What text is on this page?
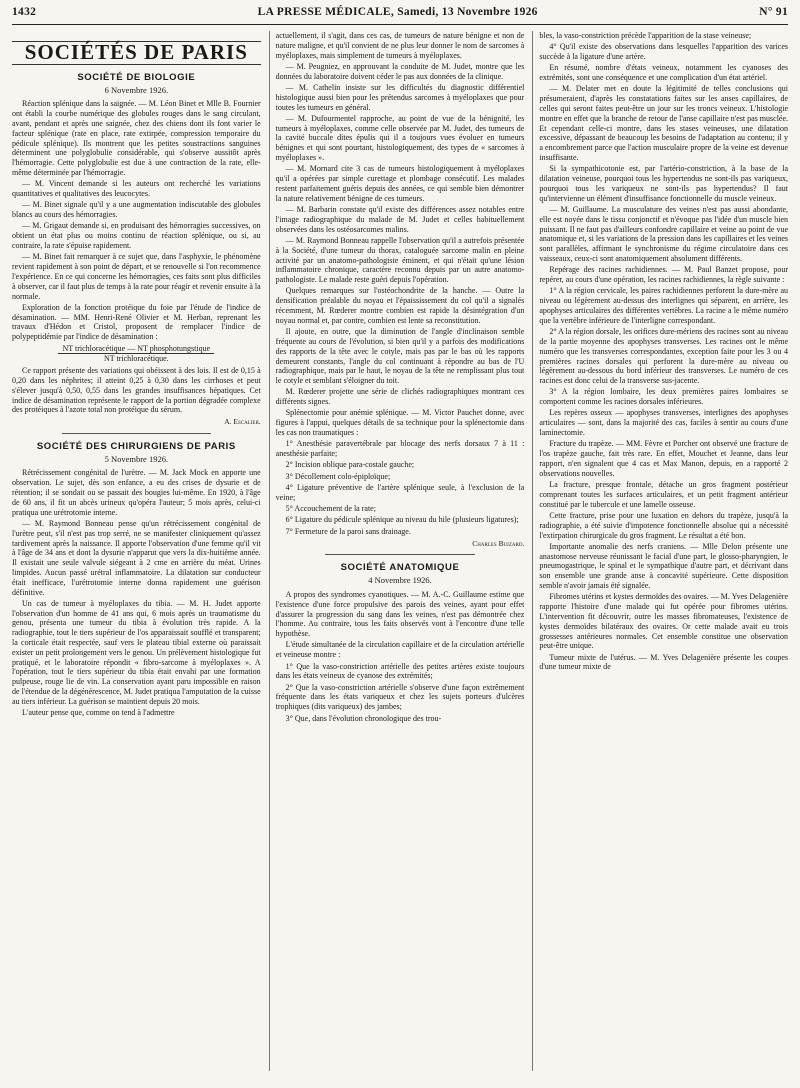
1432	LA PRESSE MÉDICALE, Samedi, 13 Novembre 1926	N° 91
SOCIÉTÉS DE PARIS
SOCIÉTÉ DE BIOLOGIE
6 Novembre 1926.

Réaction splénique dans la saignée. — M. Léon Binet et Mlle B. Fournier ont établi la courbe numérique des globules rouges dans le sang circulant, avant, pendant et après une saignée, chez des chiens dont ils font varier le facteur splénique (rate en place, rate extirpée, compression temporaire du pédicule splénique). Ils montrent que les petites soustractions sanguines déterminent une polyglobulie considérable, qui s'observe aussitôt après l'hémorragie. Cette polyglobulie est due à une contraction de la rate, elle-même déterminée par l'hémorragie.

— M. Vincent demande si les auteurs ont recherché les variations quantitatives et qualitatives des leucocytes.

— M. Binet signale qu'il y a une augmentation indiscutable des globules blancs au cours des hémorragies.

— M. Grigaut demande si, en produisant des hémorragies successives, on obtient un état plus ou moins continu de réaction splénique, ou si, au contraire, la rate s'épuise rapidement.

— M. Binet fait remarquer à ce sujet que, dans l'asphyxie, le phénomène revient rapidement à son point de départ, et se renouvelle si l'on recommence l'expérience. En ce qui concerne les hémorragies, ces faits sont plus difficiles à observer, car il faut plus de temps à la rate pour réagir et revenir ensuite à la normale.

Exploration de la fonction protéique du foie par l'étude de l'indice de désamination. — MM. Henri-René Olivier et M. Herban, reprenant les travaux d'Hédon et Cristol, proposent de remplacer l'indice de polypeptidémie par l'indice de désamination :

NT trichloracétique — NT phosphotungstique
NT trichloracétique.

Ce rapport présente des variations qui obéissent à des lois. Il est de 0,15 à 0,20 dans les néphrites; il atteint 0,25 à 0,30 dans les cirrhoses et peut s'élever jusqu'à 0,50, 0,55 dans les grandes insuffisances hépatiques. Cet indice de désamination représente le rapport de la portion dégradée complexe des protéiques à l'azote total non protéique du sérum.

A. Escalier.
SOCIÉTÉ DES CHIRURGIENS DE PARIS
5 Novembre 1926.

Rétrécissement congénital de l'urètre. — M. Jack Mock en apporte une observation. Le sujet, dès son enfance, a eu des crises de dysurie et de rétention; il se sondait ou se passait des bougies lui-même. En 1920, à l'âge de 60 ans, il fit un abcès urineux qu'opéra l'auteur; 5 mois après, celui-ci pratiqua une urétrotomie interne.

— M. Raymond Bonneau pense qu'un rétrécissement congénital de l'urètre peut, s'il n'est pas trop serré, ne se manifester cliniquement qu'assez tardivement après la naissance. Il apporte l'observation d'une femme qu'il vit à l'âge de 34 ans et dont la dysurie n'apparut que vers la dix-huitième année. Il existait une seule valvule siégeant à 2 cme en arrière du méat. Urines limpides. Aucun passé urétral inflammatoire. La dilatation sur conducteur était inefficace, l'urétrotomie interne donna rapidement une guérison définitive.

Un cas de tumeur à myéloplaxes du tibia. — M. H. Judet apporte l'observation d'un homme de 41 ans qui, 6 mois après un traumatisme du genou, présenta une tumeur du tibia à évolution très rapide. A la radiographie, tout le tiers supérieur de l'os apparaissait soufflé et transparent; la corticale était respectée, sauf vers le plateau tibial externe où paraissait exister un petit prolongement vers le genou. Un prélèvement histologique fut pratiqué, et le laboratoire répondit « fibro-sarcome à myéloplaxes ». A l'opération, tout le tiers supérieur du tibia était envahi par une formation pulpeuse, rouge lie de vin. La conservation ayant paru impossible en raison de l'étendue de la dégénérescence, M. Judet pratiqua l'amputation de la cuisse au tiers inférieur. La guérison se maintient depuis 20 mois.

L'auteur pense que, comme on tend à l'admettre

actuellement, il s'agit, dans ces cas, de tumeurs de nature bénigne et non de nature maligne, et qu'il convient de ne plus leur donner le nom de sarcomes à myéloplaxes, mais simplement de tumeurs à myéloplaxes.

— M. Peugniez, en approuvant la conduite de M. Judet, montre que les données du laboratoire doivent céder le pas aux données de la clinique.

— M. Cathelin insiste sur les difficultés du diagnostic différentiel histologique aussi bien pour les prétendus sarcomes à myéloplaxes que pour toutes les tumeurs en général.

— M. Dufourmentel rapproche, au point de vue de la bénignité, les tumeurs à myéloplaxes, comme celle observée par M. Judet, des tumeurs de la cavité buccale dites épulis qui il a toujours vues évoluer en tumeurs bénignes et qui sont pourtant, histologiquement, des types de « sarcomes à myéloplaxes ».

— M. Mornard cite 3 cas de tumeurs histologiquement à myéloplaxes qu'il a opérées par simple curettage et plombage consécutif. Les malades restent parfaitement guéris depuis des années, ce qui semble bien démontrer la nature relativement bénigne de ces tumeurs.

— M. Barbarin constate qu'il existe des différences assez notables entre l'image radiographique du malade de M. Judet et celles habituellement observées dans les ostéosarcomes malins.

— M. Raymond Bonneau rappelle l'observation qu'il a autrefois présentée à la Société, d'une tumeur du thorax, cataloguée sarcome malin en pleine activité par un anatomo-pathologiste éminent, et qui n'était qu'une lésion inflammatoire chronique, caractère reconnu depuis par un autre anatomo-pathologiste. Le malade reste guéri depuis l'opération.

Quelques remarques sur l'ostéochondrite de la hanche. — Outre la densification préalable du noyau et l'épaississement du col qu'il a signalés récemment, M. Rœderer montre combien est rapide la désintégration d'un noyau normal et, par contre, combien est lente sa reconstitution.

Il ajoute, en outre, que la diminution de l'angle d'inclinaison semble fréquente au cours de l'évolution, si bien qu'il y a parfois des modifications des rapports de la tête avec le cotyle, mais pas par le bas où les rapports demeurent constants, l'angle du col continuant à répondre au bas de l'U radiographique, mais par le haut, le noyau de la tête ne remplissant plus tout le cotyle et semblant s'éloigner du toit.

M. Rœderer projette une série de clichés radiographiques montrant ces différents signes.

Splénectomie pour anémie splénique. — M. Victor Pauchet donne, avec figures à l'appui, quelques détails de sa technique pour la splénectomie dans les cas non traumatiques :

1° Anesthésie paravertébrale par blocage des nerfs dorsaux 7 à 11 : anesthésie parfaite;

2° Incision oblique para-costale gauche;

3° Décollement colo-épiploïque;

4° Ligature préventive de l'artère splénique seule, à l'exclusion de la veine;

5° Accouchement de la rate;

6° Ligature du pédicule splénique au niveau du hile (plusieurs ligatures);

7° Fermeture de la paroi sans drainage.

Charles Buizard.
SOCIÉTÉ ANATOMIQUE
4 Novembre 1926.

A propos des syndromes cyanotiques. — M. A.-C. Guillaume estime que l'existence d'une force propulsive des parois des veines, ayant pour effet d'assurer la progression du sang dans les veines, n'est pas démontrée chez l'homme. Au contraire, tous les faits observés vont à l'encontre d'une telle hypothèse.

L'étude simultanée de la circulation capillaire et de la circulation artérielle et veineuse montre :

1° Que la vaso-constriction artérielle des petites artères existe toujours dans les états veineux de cyanose des extrémités;

2° Que la vaso-constriction artérielle s'observe d'une façon extrêmement fréquente dans les états variqueux et chez les sujets porteurs d'ulcères trophiques (dits variqueux) des jambes;

3° Que, dans l'évolution chronologique des trou-

bles, la vaso-constriction précède l'apparition de la stase veineuse;

4° Qu'il existe des observations dans lesquelles l'apparition des varices succède à la ligature d'une artère.

En résumé, nombre d'états veineux, notamment les cyanoses des extrémités, sont une conséquence et une complication d'un état artériel.

— M. Delater met en doute la légitimité de telles conclusions qui présumeraient, d'après les constatations faites sur les anses capillaires, de celles qui seront faites peut-être un jour sur les troncs veineux. L'histologie montre en effet que la branche de retour de l'anse capillaire n'est pas musclée. Et cependant celle-ci montre, dans les stases veineuses, une dilatation excessive, dépassant de beaucoup les besoins de l'adaptation au contenu; il y a encombrement parce que l'action musculaire propre de la veine est devenue insuffisante.

Si la sympathicotonie est, par l'artério-constriction, à la base de la dilatation veineuse, pourquoi tous les hypertendus ne sont-ils pas variqueux, pourquoi tous les variqueux ne sont-ils pas hypertendus? Il faut qu'intervienne un élément d'insuffisance fonctionnelle du muscle veineux.

— M. Guillaume. La musculature des veines n'est pas aussi abondante, elle est noyée dans le tissu conjonctif et n'évoque pas l'idée d'un muscle bien puissant. Il ne faut pas d'ailleurs confondre capillaire et veine au point de vue anatomique et, si les variations de la pression dans les capillaires et les veines sont parallèles, affirmant le synchronisme du régime circulatoire dans ces vaisseaux, ceux-ci sont anatomiquement absolument différents.

Repérage des racines rachidiennes. — M. Paul Banzet propose, pour repérer, au cours d'une opération, les racines rachidiennes, la règle suivante :

1° A la région cervicale, les paires rachidiennes perforent la dure-mère au niveau ou légèrement au-dessus des interlignes qui séparent, en arrière, les apophyses articulaires des différentes vertèbres. La racine a le même numéro que la vertèbre inférieure de l'interligne correspondant.

2° A la région dorsale, les orifices dure-mériens des racines sont au niveau de la partie moyenne des apophyses transverses. Les racines ont le même numéro que les transverses correspondantes, exception faite pour les 3 ou 4 premières racines dorsales qui perforent la dure-mère au niveau ou légèrement au-dessous du bord inférieur des transverses. Le numéro de ces racines est donc celui de la transverse sus-jacente.

3° A la région lombaire, les deux premières paires lombaires se comportent comme les racines dorsales inférieures.

Les repères osseux — apophyses transverses, interlignes des apophyses articulaires — sont, dans la majorité des cas, faciles à sentir au cours d'une laminectomie.

Fracture du trapèze. — MM. Fèvre et Porcher ont observé une fracture de l'os trapèze gauche, fait très rare. En effet, Mouchet et Jeanne, dans leur rapport, n'en signalent que 4 cas et Max Manon, depuis, en a rapporté 2 observations nouvelles.

La fracture, presque frontale, détache un gros fragment postérieur comprenant toutes les surfaces articulaires, et un petit fragment antérieur constitué par le tubercule et une lamelle osseuse.

Cette fracture, prise pour une luxation en dehors du trapèze, jusqu'à la radiographie, a été suivie d'impotence fonctionnelle absolue qui a nécessité l'extirpation chirurgicale du gros fragment. Le résultat a été bon.

Importante anomalie des nerfs craniens. — Mlle Delon présente une anastomose nerveuse réunissant le facial d'une part, le glosso-pharyngien, le pneumogastrique, le spinal et le sympathique d'autre part, et décrivant dans son ensemble une grande anse à concavité supérieure. Cette disposition semble n'avoir jamais été signalée.

Fibromes utérins et kystes dermoïdes des ovaires. — M. Yves Delagenière rapporte l'histoire d'une malade qui fut opérée pour fibromes utérins. L'intervention fit découvrir, outre les masses fibromateuses, l'existence de kystes dermoïdes bilatéraux des ovaires. Or cette malade avait eu trois grossesses antérieures normales. Cet ensemble constitue une observation peut-être unique.

Tumeur mixte de l'utérus. — M. Yves Delagenière présente les coupes d'une tumeur mixte de
